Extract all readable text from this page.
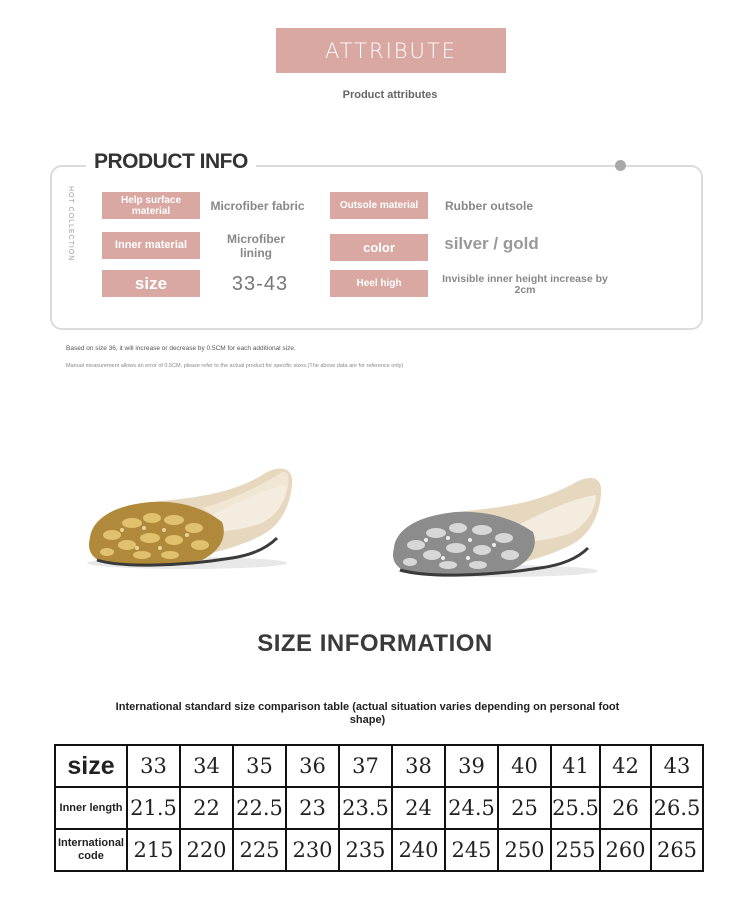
ATTRIBUTE
Product attributes
PRODUCT INFO
HOT COLLECTION	Help surface material	Microfiber fabric	Outsole material	Rubber outsole
Inner material	Microfiber lining	color	silver / gold
size	33-43	Heel high	Invisible inner height increase by 2cm
Based on size 36, it will increase or decrease by 0.5CM for each additional size.
Manual measurement allows an error of 0.5CM, please refer to the actual product for specific sizes.(The above data are for reference only)
SIZE INFORMATION
International standard size comparison table (actual situation varies depending on personal foot shape)
size	33	34	35	36	37	38	39	40	41	42	43
Inner length	21.5	22	22.5	23	23.5	24	24.5	25	25.5	26	26.5
International code	215	220	225	230	235	240	245	250	255	260	265
